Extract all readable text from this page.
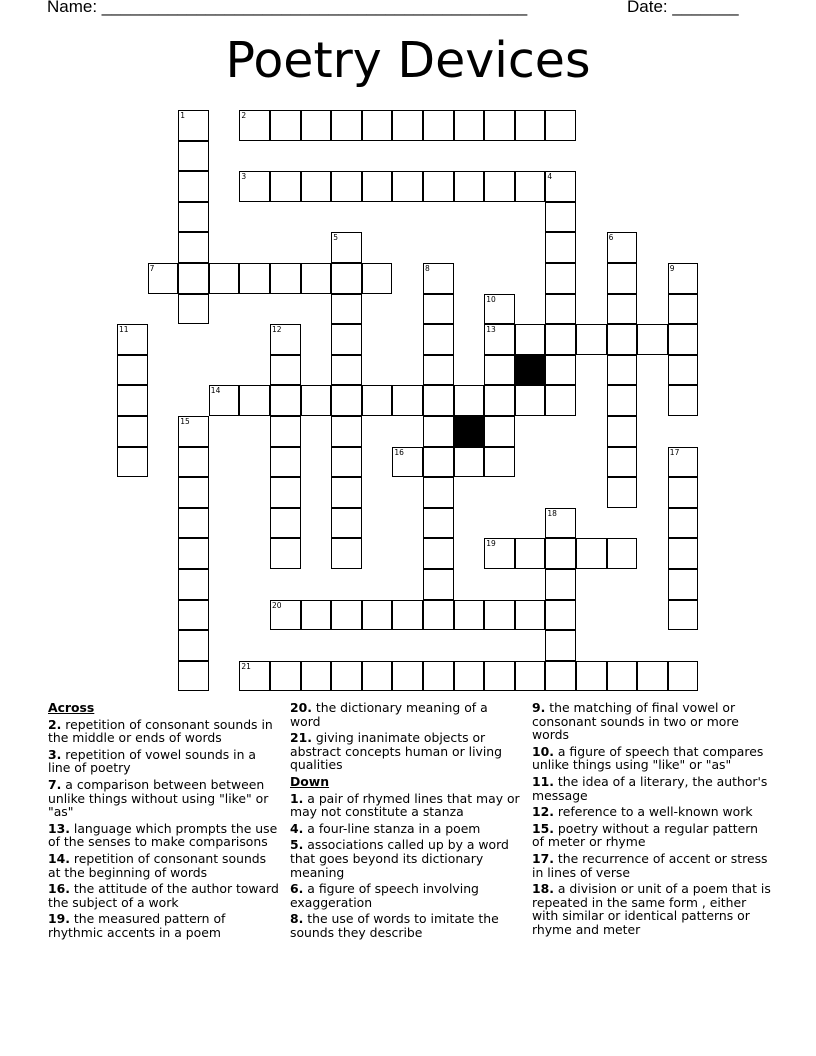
Name: _____________________________________________	Date: _______
Poetry Devices
1	2
3	4
5	6
7	8	9
10
11	12	13
14
15
16	17
18
19
20
21
Across
2. repetition of consonant sounds in the middle or ends of words
3. repetition of vowel sounds in a line of poetry
7. a comparison between between unlike things without using "like" or "as"
13. language which prompts the use of the senses to make comparisons
14. repetition of consonant sounds at the beginning of words
16. the attitude of the author toward the subject of a work
19. the measured pattern of rhythmic accents in a poem
20. the dictionary meaning of a word
21. giving inanimate objects or abstract concepts human or living qualities
Down
1. a pair of rhymed lines that may or may not constitute a stanza
4. a four-line stanza in a poem
5. associations called up by a word that goes beyond its dictionary meaning
6. a figure of speech involving exaggeration
8. the use of words to imitate the sounds they describe
9. the matching of final vowel or consonant sounds in two or more words
10. a figure of speech that compares unlike things using "like" or "as"
11. the idea of a literary, the author's message
12. reference to a well-known work
15. poetry without a regular pattern of meter or rhyme
17. the recurrence of accent or stress in lines of verse
18. a division or unit of a poem that is repeated in the same form , either with similar or identical patterns or rhyme and meter
